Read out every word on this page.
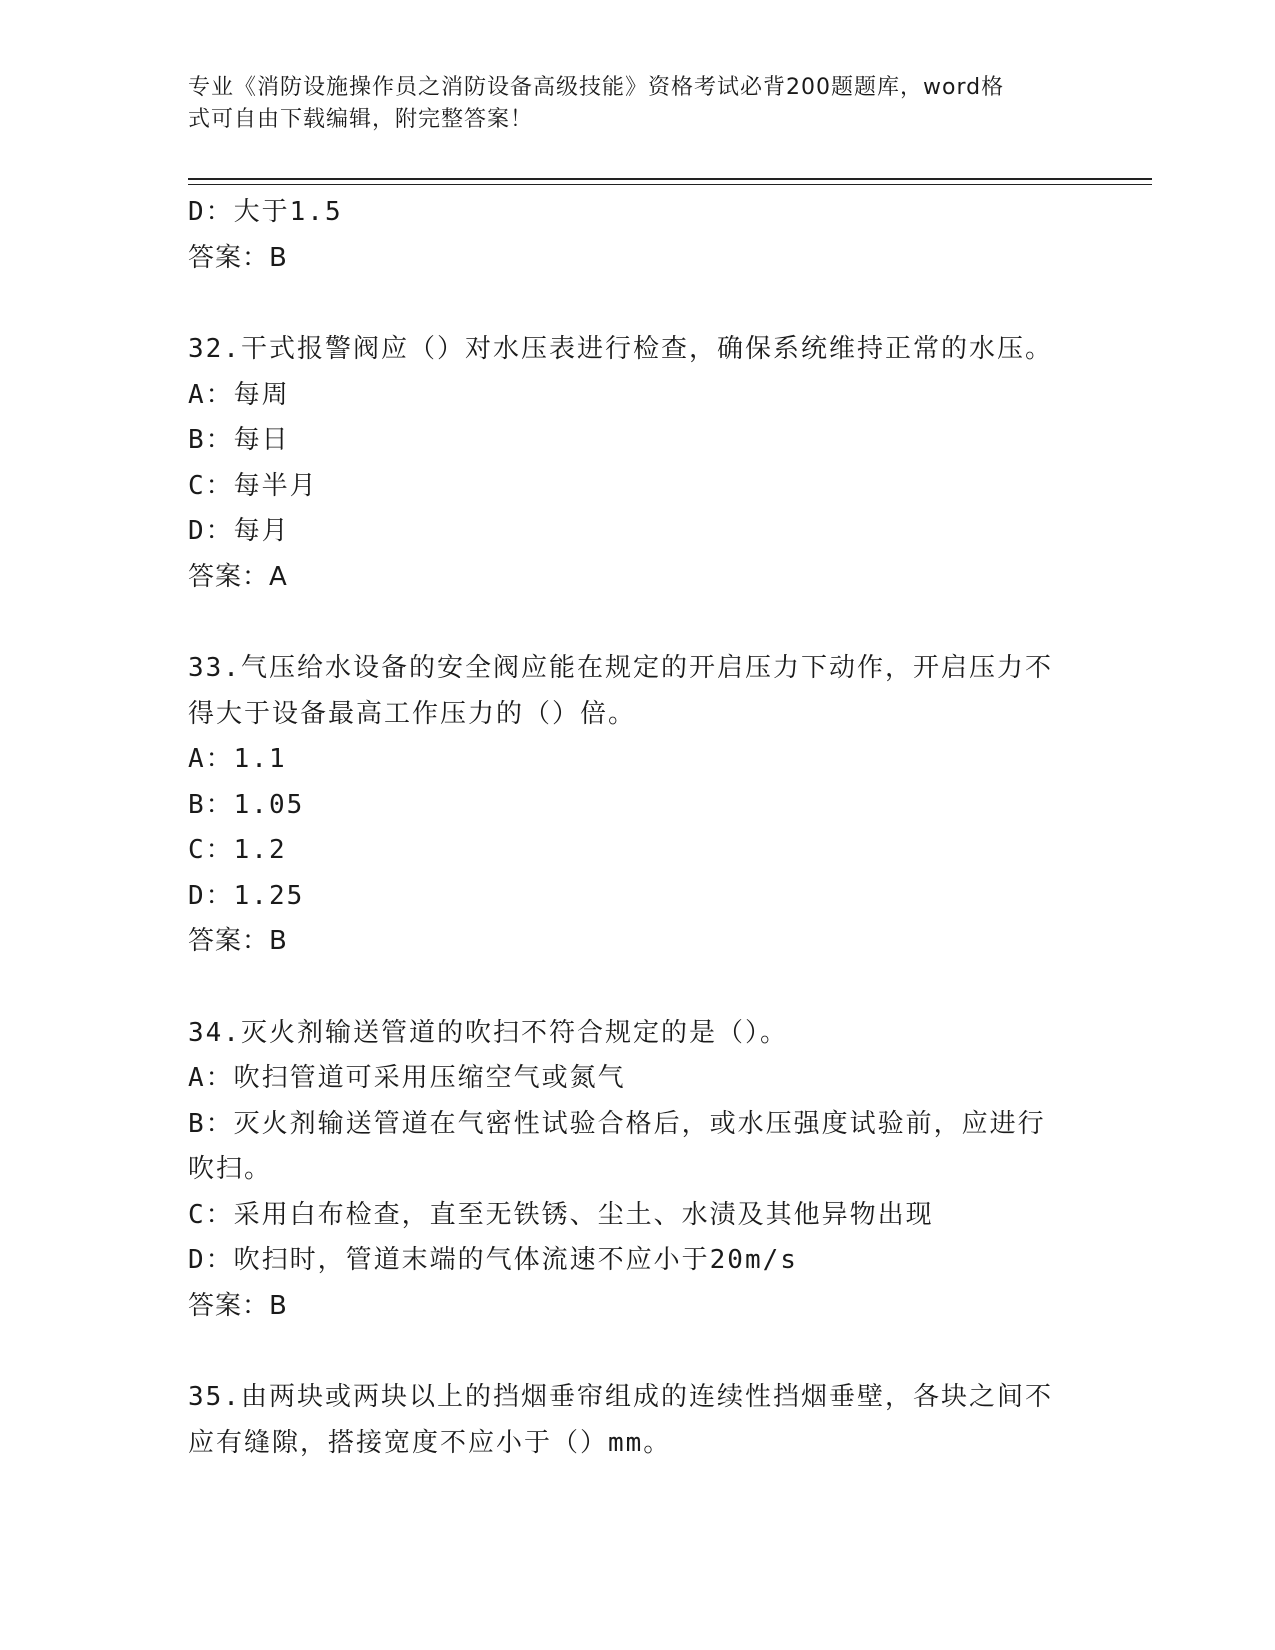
专业《消防设施操作员之消防设备高级技能》资格考试必背200题题库，word格
式可自由下载编辑，附完整答案！
D：大于1.5
答案：B
32.干式报警阀应（）对水压表进行检查，确保系统维持正常的水压。
A：每周
B：每日
C：每半月
D：每月
答案：A
33.气压给水设备的安全阀应能在规定的开启压力下动作，开启压力不
得大于设备最高工作压力的（）倍。
A：1.1
B：1.05
C：1.2
D：1.25
答案：B
34.灭火剂输送管道的吹扫不符合规定的是（）。
A：吹扫管道可采用压缩空气或氮气
B：灭火剂输送管道在气密性试验合格后，或水压强度试验前，应进行
吹扫。
C：采用白布检查，直至无铁锈、尘土、水渍及其他异物出现
D：吹扫时，管道末端的气体流速不应小于20m/s
答案：B
35.由两块或两块以上的挡烟垂帘组成的连续性挡烟垂壁，各块之间不
应有缝隙，搭接宽度不应小于（）mm。
